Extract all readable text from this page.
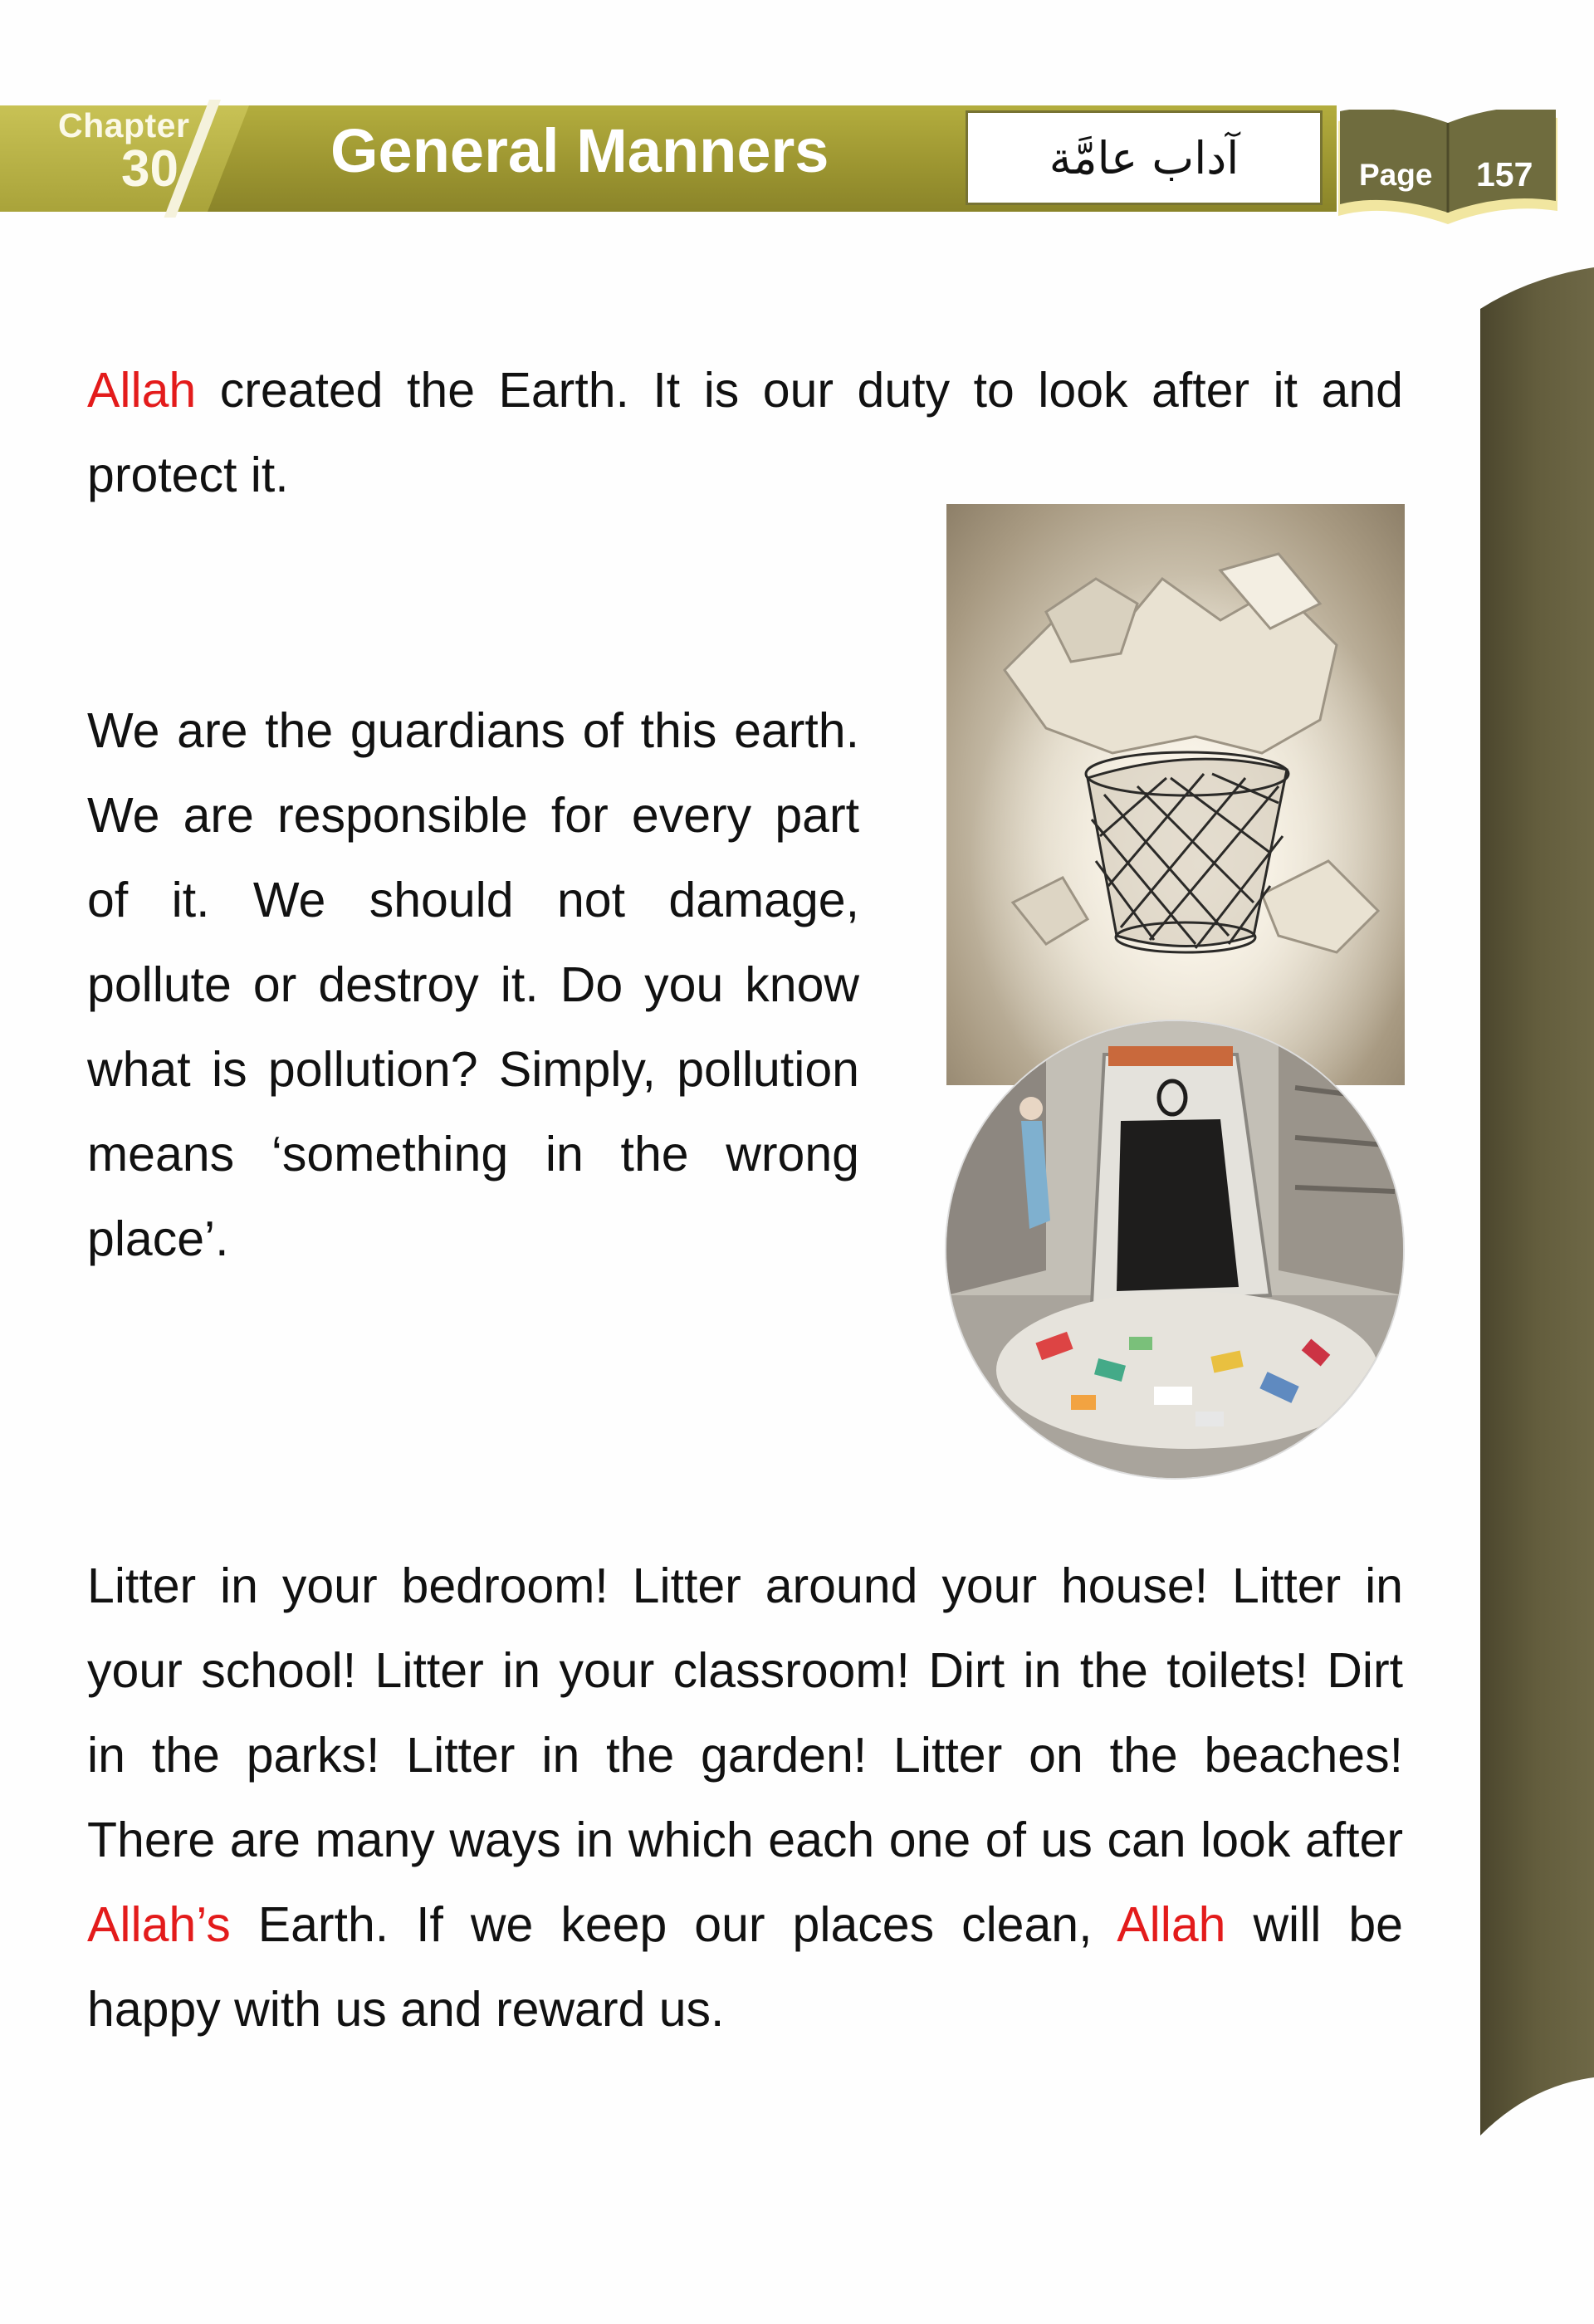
Chapter
30 General Manners	آداب عامَّة	Page 157

Allah created the Earth. It is our duty to look after it and protect it.

We are the guardians of this earth. We are responsible for every part of it. We should not damage, pollute or destroy it. Do you know what is pollution? Simply, pollution means ‘something in the wrong place’.

Litter in your bedroom! Litter around your house! Litter in your school! Litter in your classroom! Dirt in the toilets! Dirt in the parks! Litter in the garden! Litter on the beaches! There are many ways in which each one of us can look after Allah’s Earth. If we keep our places clean, Allah will be happy with us and reward us.
